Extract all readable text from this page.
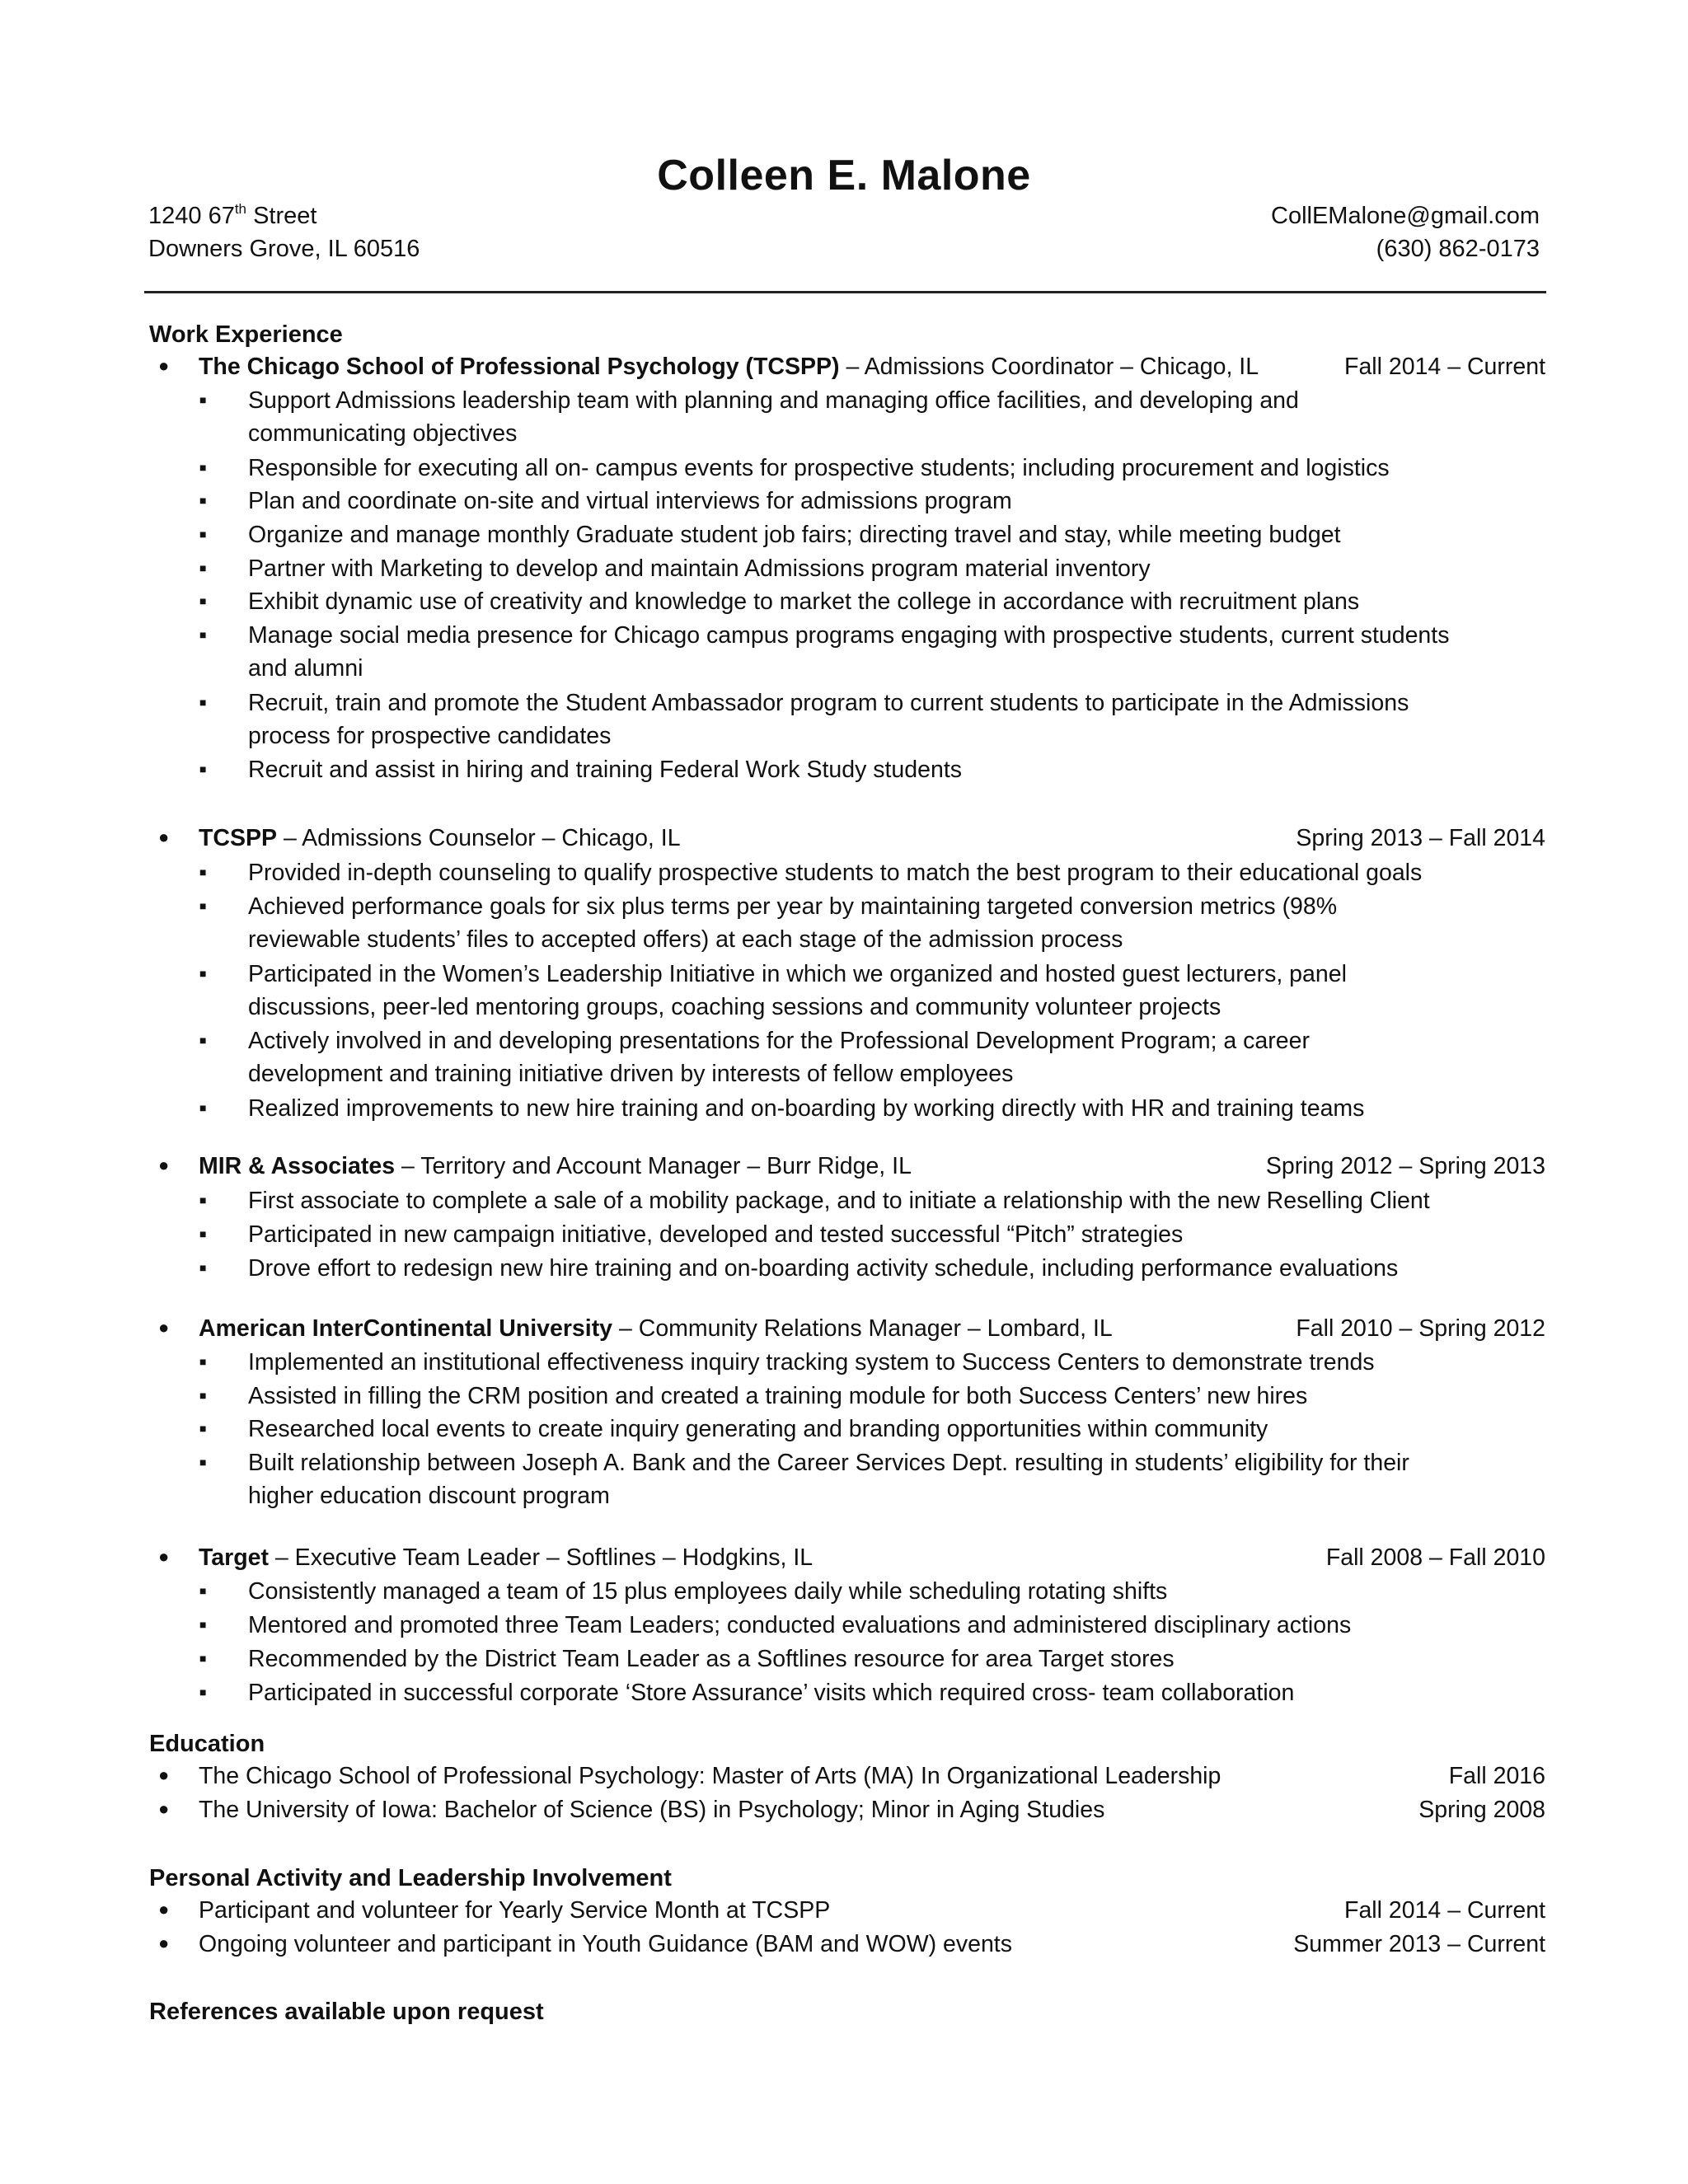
Colleen E. Malone
1240 67th Street
Downers Grove, IL 60516
CollEMalone@gmail.com
(630) 862-0173
Work Experience
● The Chicago School of Professional Psychology (TCSPP) – Admissions Coordinator – Chicago, IL	Fall 2014 – Current
■ Support Admissions leadership team with planning and managing office facilities, and developing and
communicating objectives
■ Responsible for executing all on- campus events for prospective students; including procurement and logistics
■ Plan and coordinate on-site and virtual interviews for admissions program
■ Organize and manage monthly Graduate student job fairs; directing travel and stay, while meeting budget
■ Partner with Marketing to develop and maintain Admissions program material inventory
■ Exhibit dynamic use of creativity and knowledge to market the college in accordance with recruitment plans
■ Manage social media presence for Chicago campus programs engaging with prospective students, current students
and alumni
■ Recruit, train and promote the Student Ambassador program to current students to participate in the Admissions
process for prospective candidates
■ Recruit and assist in hiring and training Federal Work Study students
● TCSPP – Admissions Counselor – Chicago, IL	Spring 2013 – Fall 2014
■ Provided in-depth counseling to qualify prospective students to match the best program to their educational goals
■ Achieved performance goals for six plus terms per year by maintaining targeted conversion metrics (98%
reviewable students’ files to accepted offers) at each stage of the admission process
■ Participated in the Women’s Leadership Initiative in which we organized and hosted guest lecturers, panel
discussions, peer-led mentoring groups, coaching sessions and community volunteer projects
■ Actively involved in and developing presentations for the Professional Development Program; a career
development and training initiative driven by interests of fellow employees
■ Realized improvements to new hire training and on-boarding by working directly with HR and training teams
● MIR & Associates – Territory and Account Manager – Burr Ridge, IL	Spring 2012 – Spring 2013
■ First associate to complete a sale of a mobility package, and to initiate a relationship with the new Reselling Client
■ Participated in new campaign initiative, developed and tested successful “Pitch” strategies
■ Drove effort to redesign new hire training and on-boarding activity schedule, including performance evaluations
● American InterContinental University – Community Relations Manager – Lombard, IL	Fall 2010 – Spring 2012
■ Implemented an institutional effectiveness inquiry tracking system to Success Centers to demonstrate trends
■ Assisted in filling the CRM position and created a training module for both Success Centers’ new hires
■ Researched local events to create inquiry generating and branding opportunities within community
■ Built relationship between Joseph A. Bank and the Career Services Dept. resulting in students’ eligibility for their
higher education discount program
● Target – Executive Team Leader – Softlines – Hodgkins, IL	Fall 2008 – Fall 2010
■ Consistently managed a team of 15 plus employees daily while scheduling rotating shifts
■ Mentored and promoted three Team Leaders; conducted evaluations and administered disciplinary actions
■ Recommended by the District Team Leader as a Softlines resource for area Target stores
■ Participated in successful corporate ‘Store Assurance’ visits which required cross- team collaboration
Education
● The Chicago School of Professional Psychology: Master of Arts (MA) In Organizational Leadership	Fall 2016
● The University of Iowa: Bachelor of Science (BS) in Psychology; Minor in Aging Studies	Spring 2008
Personal Activity and Leadership Involvement
● Participant and volunteer for Yearly Service Month at TCSPP	Fall 2014 – Current
● Ongoing volunteer and participant in Youth Guidance (BAM and WOW) events	Summer 2013 – Current
References available upon request
